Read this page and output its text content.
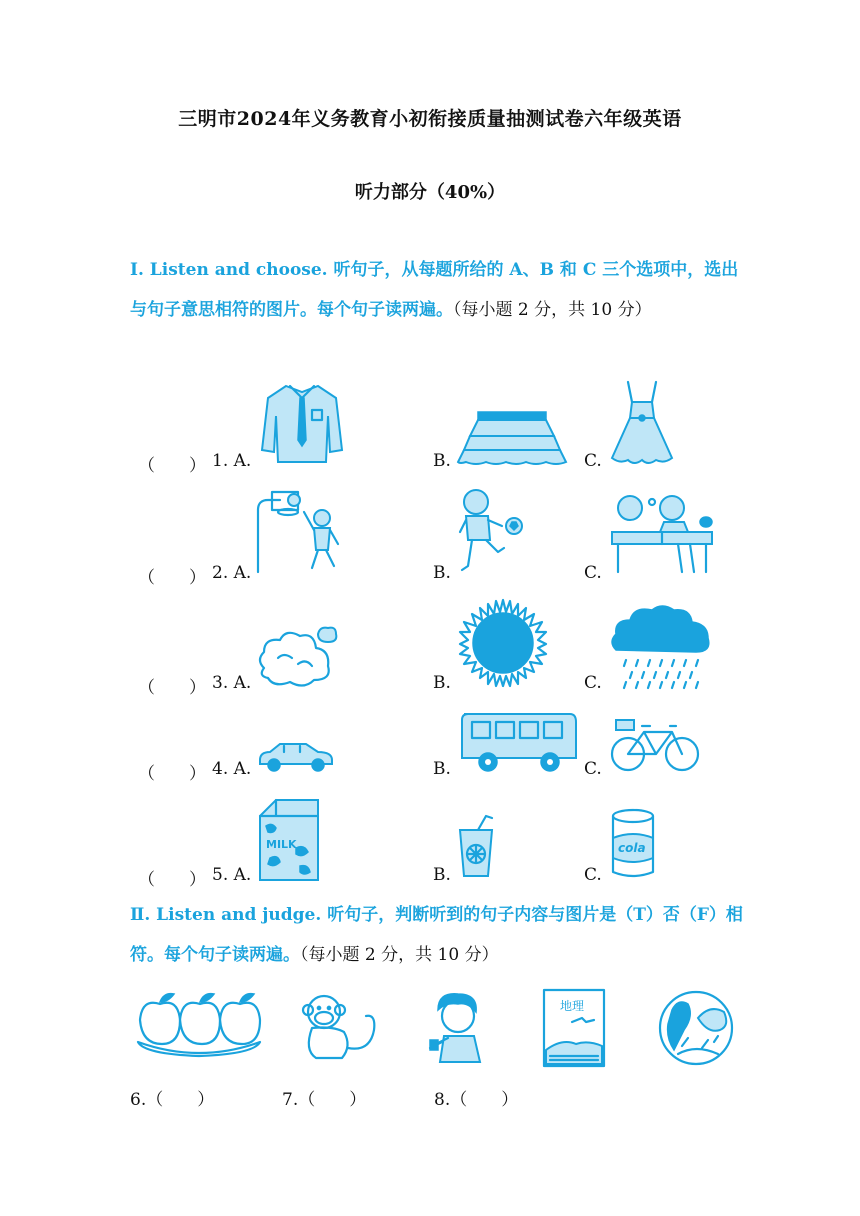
三明市2024年义务教育小初衔接质量抽测试卷六年级英语
听力部分（40%）
Ⅰ. Listen and choose. 听句子，从每题所给的 A、B 和 C 三个选项中，选出与句子意思相符的图片。每个句子读两遍。（每小题 2 分，共 10 分）
（　　） 1. A.	B.	C.
（　　） 2. A.	B.	C.
（　　） 3. A.	B.	C.
（　　） 4. A.	B.	C.
（　　） 5. A.	B.	C.
MILK	cola
Ⅱ. Listen and judge. 听句子，判断听到的句子内容与图片是（T）否（F）相符。每个句子读两遍。（每小题 2 分，共 10 分）
地理
6.（　　）	7.（　　）	8.（　　）
